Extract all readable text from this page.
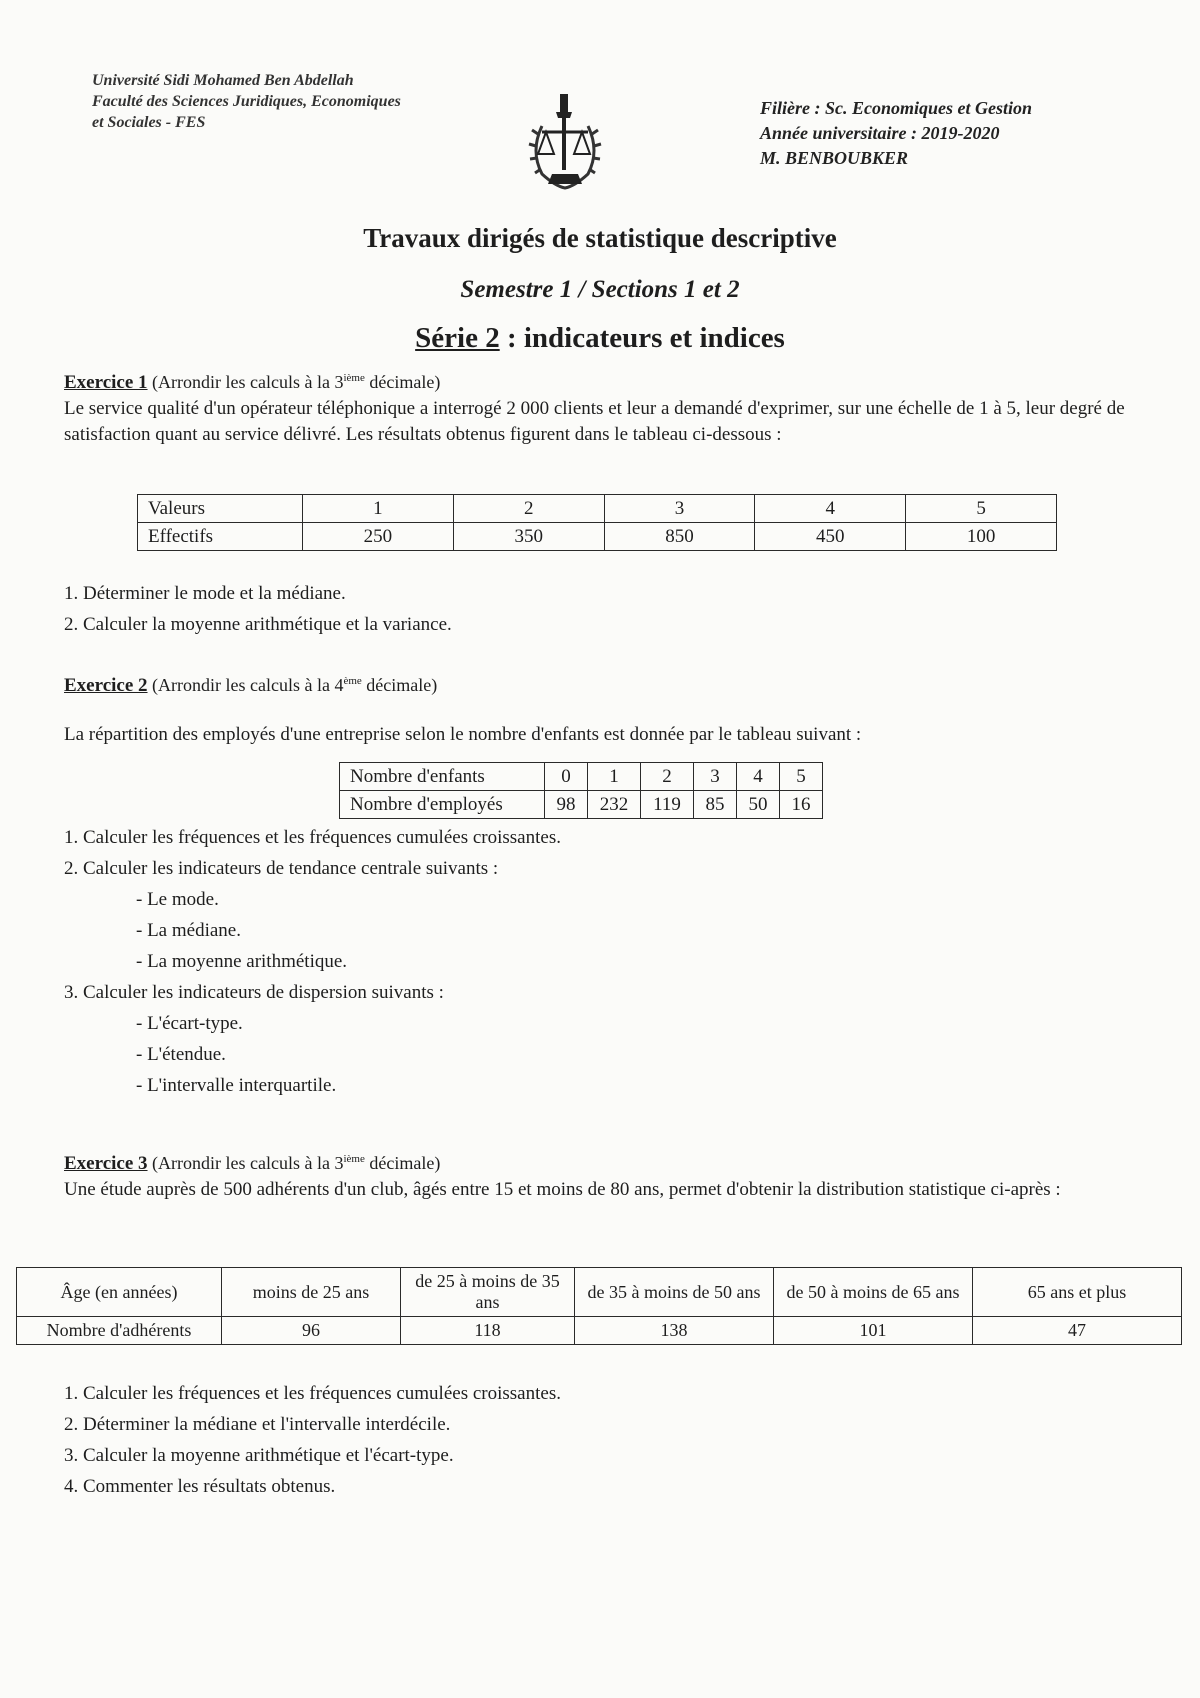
Université Sidi Mohamed Ben Abdellah
Faculté des Sciences Juridiques, Economiques
et Sociales - FES
Filière : Sc. Economiques et Gestion
Année universitaire : 2019-2020
M. BENBOUBKER
Travaux dirigés de statistique descriptive
Semestre 1 / Sections 1 et 2
Série 2 : indicateurs et indices
Exercice 1 (Arrondir les calculs à la 3ième décimale)
Le service qualité d'un opérateur téléphonique a interrogé 2 000 clients et leur a demandé d'exprimer, sur une échelle de 1 à 5, leur degré de satisfaction quant au service délivré. Les résultats obtenus figurent dans le tableau ci-dessous :
Valeurs	1	2	3	4	5
Effectifs	250	350	850	450	100
1. Déterminer le mode et la médiane.
2. Calculer la moyenne arithmétique et la variance.
Exercice 2 (Arrondir les calculs à la 4ème décimale)
La répartition des employés d'une entreprise selon le nombre d'enfants est donnée par le tableau suivant :
Nombre d'enfants	0	1	2	3	4	5
Nombre d'employés	98	232	119	85	50	16
1. Calculer les fréquences et les fréquences cumulées croissantes.
2. Calculer les indicateurs de tendance centrale suivants :
- Le mode.
- La médiane.
- La moyenne arithmétique.
3. Calculer les indicateurs de dispersion suivants :
- L'écart-type.
- L'étendue.
- L'intervalle interquartile.
Exercice 3 (Arrondir les calculs à la 3ième décimale)
Une étude auprès de 500 adhérents d'un club, âgés entre 15 et moins de 80 ans, permet d'obtenir la distribution statistique ci-après :
Âge (en années)	moins de 25 ans	de 25 à moins de 35 ans	de 35 à moins de 50 ans	de 50 à moins de 65 ans	65 ans et plus
Nombre d'adhérents	96	118	138	101	47
1. Calculer les fréquences et les fréquences cumulées croissantes.
2. Déterminer la médiane et l'intervalle interdécile.
3. Calculer la moyenne arithmétique et l'écart-type.
4. Commenter les résultats obtenus.
